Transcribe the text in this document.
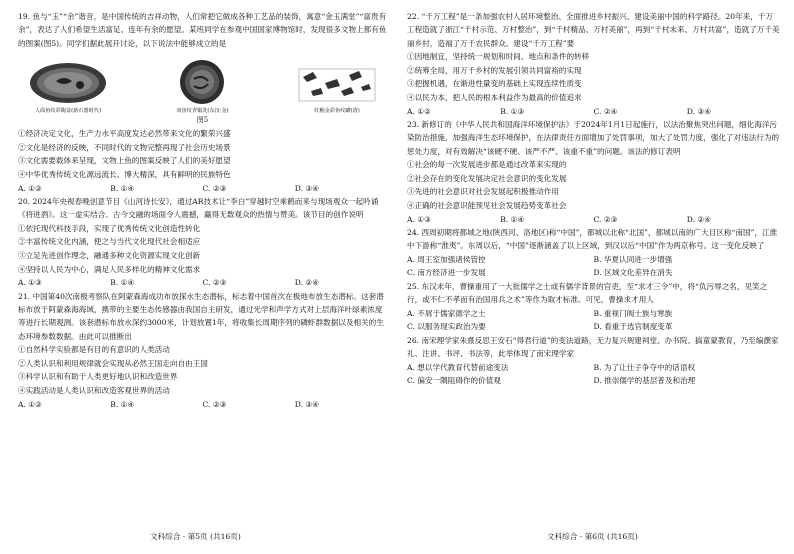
19. 鱼与“玉”“余”谐音，是中国传统的吉祥动物，人们常把它做成各种工艺品的装饰，寓意“金玉满堂”“富贵有余”，表达了人们希望生活富足、连年有余的愿望。某班同学在参观中国国家博物馆时，发现很多文物上都有鱼的图案(图5)。同学们据此展开讨论，以下说法中能够成立的是

人面鱼纹彩陶盆(新石器时代)	双鱼纹青铜洗(东汉·金)	红釉金彩鱼纹罐(清)
图5

①经济决定文化，生产力水平高度发达必然带来文化的繁荣兴盛

②文化是经济的反映，不同时代的文物完整再现了社会历史场景

③文化需要载体来呈现，文物上鱼的图案反映了人们的美好愿望

④中华优秀传统文化源远流长、博大精深，具有鲜明的民族特色

A. ①②	B. ①④	C. ②③	D. ③④

20. 2024年央视春晚创意节目《山河诗长安》，通过AR技术让“李白”穿越时空乘鹤而来与现场观众一起吟诵《将进酒》。这一虚实结合、古今交融的场面令人震撼，赢得无数观众的热情与赞美。该节目的创作说明

①依托现代科技手段，实现了优秀传统文化创造性转化

②丰富传统文化内涵，使之与当代文化现代社会相适应

③立足先进创作理念，融通多种文化资源实现文化创新

④坚持以人民为中心，满足人民多样化的精神文化需求

A. ①③	B. ①④	C. ②③	D. ②④

21. 中国第40次南极考察队在阿蒙森海成功布放探水生态潜标，标志着中国首次在极地布放生态潜标。这套潜标布放于阿蒙森海海域，携带的主要生态传感器由我国自主研发，通过光学和声学方式对上层海洋叶绿素浓度等进行长期观测。该套潜标布放水深约3000米，计划放置1年，将收集长周期序列的磷虾群数据以及相关的生态环境参数数据。由此可以推断出

①自然科学实验都是有目的有意识的人类活动

②人类认识和利用规律就会实现从必然王国走向自由王国

③科学认识和有助于人类更好地认识和改造世界

④实践活动是人类认识和改造客观世界的活动

A. ①②	B. ①④	C. ②③	D. ③④
文科综合 · 第5页 (共16页)

22. “千万工程”是一条加强农村人居环境整治、全面推进乡村振兴、建设美丽中国的科学路径。20年来，千万工程造就了浙江“千村示范、万村整治”，到“千村精品、万村美丽”，再到“千村未来、万村共富”，造就了万千美丽乡村，造福了万千农民群众。建设“千万工程”要

①因地制宜，坚持统一规划和时间、地点和条件的转移

②统筹全局，用万千乡村的发展引领共同富裕的实现

③把握机遇，在渐进性量变的基础上实现连续性质变

④以民为本，把人民的根本利益作为最高的价值追求

A. ①②	B. ①③	C. ②④	D. ③④

23. 新修订的《中华人民共和国海洋环境保护法》于2024年1月1日起施行，以法治聚焦突出问题，细化海洋污染防治措施，加强海洋生态环境保护，在法律责任方面增加了处罚事项，加大了处罚力度，强化了对违法行为的惩处力度，对有效解决“该硬不硬、该严不严、该重不重”的问题。该法的修订表明

①社会的每一次发展进步都是通过改革来实现的

②社会存在的变化发展决定社会意识的变化发展

③先进的社会意识对社会发展起积极推动作用

④正确的社会意识能预见社会发展趋势变革社会

A. ①③	B. ①④	C. ②③	D. ②④

24. 西周初期将都城之地(陕西河、洛地区)称“中国”，都城以北称“北国”，都城以南的广大目区称“南国”，江淮中下游称“淮夷”。东周以后，“中国”逐渐涵盖了以上区域，到汉以后“中国”作为两京称号。这一变化反映了

A. 周王室加强诸侯管控	B. 华夏认同进一步增强
C. 南方经济进一步发展	D. 区域文化差异在消失

25. 东汉末年，曹操重用了一大批儒学之士或有儒学背景的官吏，至“求才三令”中，将“负污辱之名，见笑之行，或不仁不孝而有治国用兵之术”等作为取才标准。可见，曹操求才用人

A. 不屑于儒家德学之士	B. 重视门阀士族与寒族
C. 以服务现实政治为要	D. 看重于选官制度变革

26. 南宋理学家朱熹反思王安石“得君行道”的变法道路，无力复兴规建祠堂、办书院、搞童蒙教育，乃至编撰家礼、注讲、书评、书法等，此举体现了南宋理学家

A. 想以学代教育代替前途变法	B. 为了让仕子争夺中的话语权
C. 偏安一隅阻碍作的价值观	D. 推崇儒学的基层普及和治理
文科综合 · 第6页 (共16页)
